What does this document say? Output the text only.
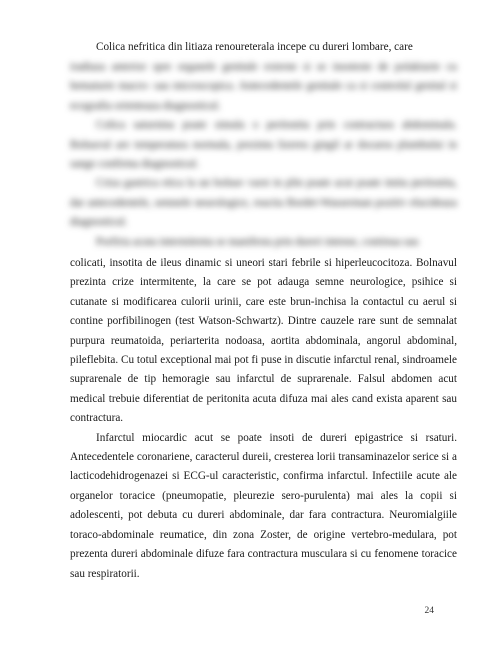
Colica nefritica din litiaza renoureterala incepe cu dureri lombare, care

iradiaza anterior spre organele genitale externe si se insoteste de polakiurie cu hematurie macro- sau microscopica. Antecedentele genitale ca si controlul genital si ecografia orienteaza diagnosticul.

Colica saturnina poate simula o peritonita prin contractura abdominala. Bolnavul are temperatura normala, prezinta lizereu gingil ar docarea plumbului in sange confirma diagnosticul.

Criza gastrica etica la un bolnav varst in plin poate acut poate imita peritonita, dar antecedentele, semnele neurologice, reactia Bordet-Wasserman pozitiv elucideaza diagnosticul.

Porfiria acuta intermitenta se manifesta prin dureri intense, continua sau

colicati, insotita de ileus dinamic si uneori stari febrile si hiperleucocitoza. Bolnavul prezinta crize intermitente, la care se pot adauga semne neurologice, psihice si cutanate si modificarea culorii urinii, care este brun-inchisa la contactul cu aerul si contine porfibilinogen (test Watson-Schwartz). Dintre cauzele rare sunt de semnalat purpura reumatoida, periarterita nodoasa, aortita abdominala, angorul abdominal, pileflebita. Cu totul exceptional mai pot fi puse in discutie infarctul renal, sindroamele suprarenale de tip hemoragie sau infarctul de suprarenale. Falsul abdomen acut medical trebuie diferentiat de peritonita acuta difuza mai ales cand exista aparent sau contractura.

Infarctul miocardic acut se poate insoti de dureri epigastrice si rsaturi. Antecedentele coronariene, caracterul dureii, cresterea lorii transaminazelor serice si a lacticodehidrogenazei si ECG-ul caracteristic, confirma infarctul. Infectiile acute ale organelor toracice (pneumopatie, pleurezie sero-purulenta) mai ales la copii si adolescenti, pot debuta cu dureri abdominale, dar fara contractura. Neuromialgiile toraco-abdominale reumatice, din zona Zoster, de origine vertebro-medulara, pot prezenta dureri abdominale difuze fara contractura musculara si cu fenomene toracice sau respiratorii.

24
